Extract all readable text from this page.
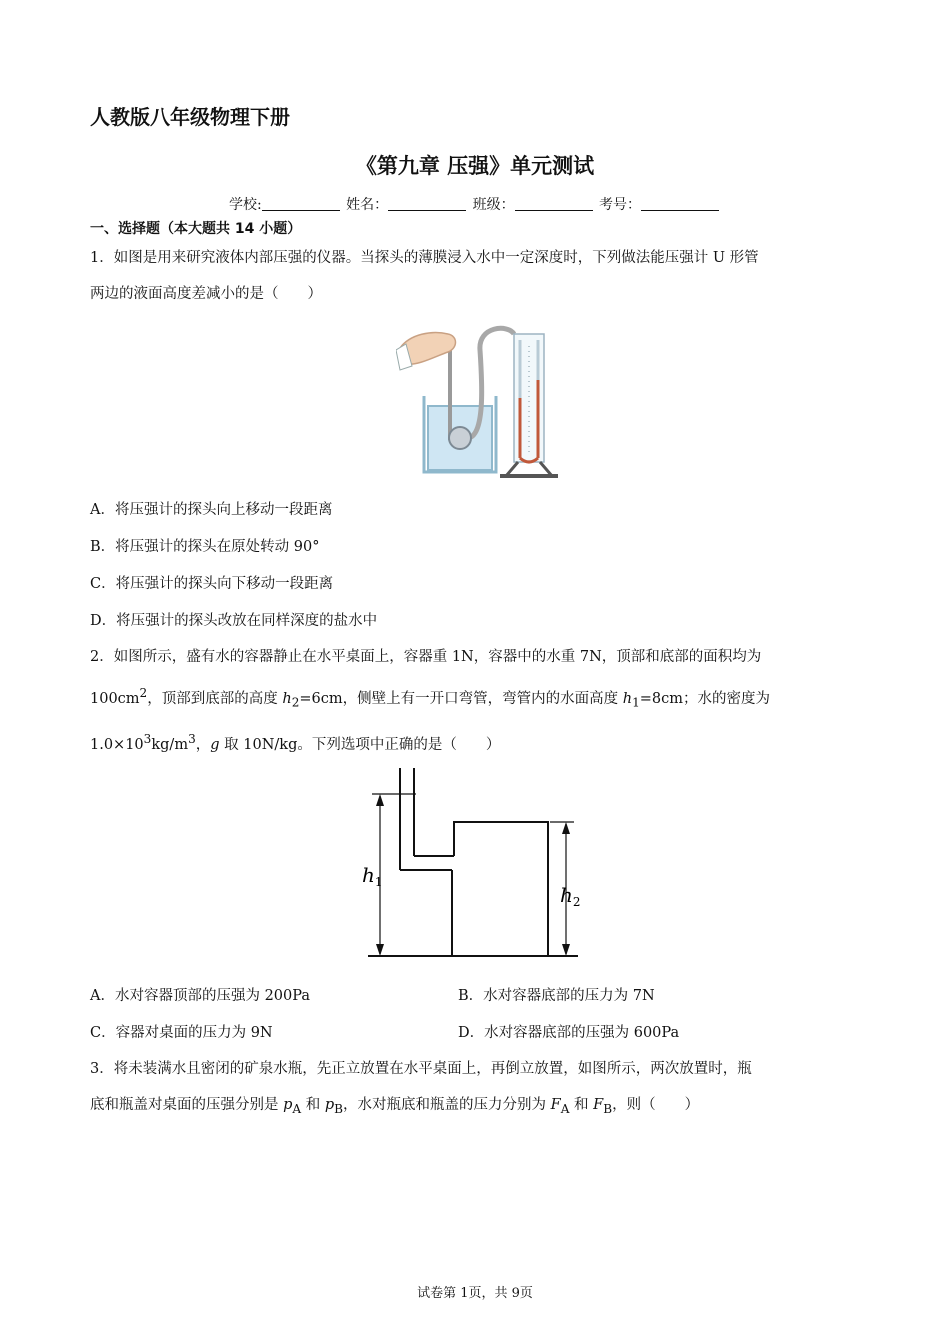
人教版八年级物理下册
《第九章 压强》单元测试
学校:	姓名：	班级：	考号：
一、选择题（本大题共 14 小题）
1．如图是用来研究液体内部压强的仪器。当探头的薄膜浸入水中一定深度时，下列做法能压强计 U 形管
两边的液面高度差减小的是（　　）
A．将压强计的探头向上移动一段距离
B．将压强计的探头在原处转动 90°
C．将压强计的探头向下移动一段距离
D．将压强计的探头改放在同样深度的盐水中
2．如图所示，盛有水的容器静止在水平桌面上，容器重 1N，容器中的水重 7N，顶部和底部的面积均为
$100cm^2$，顶部到底部的高度 $h_2=6cm$，侧壁上有一开口弯管，弯管内的水面高度 $h_1=8cm$；水的密度为
$1.0\times 10^3kg/m^3$，g 取 10N/kg。下列选项中正确的是（　　）
$h_1$
$h_2$
A．水对容器顶部的压强为 200Pa	B．水对容器底部的压力为 7N
C．容器对桌面的压力为 9N	D．水对容器底部的压强为 600Pa
3．将未装满水且密闭的矿泉水瓶，先正立放置在水平桌面上，再倒立放置，如图所示，两次放置时，瓶
底和瓶盖对桌面的压强分别是 $p_A$ 和 $p_B$，水对瓶底和瓶盖的压力分别为 $F_A$ 和 $F_B$，则（　　）
试卷第 1页，共 9页
